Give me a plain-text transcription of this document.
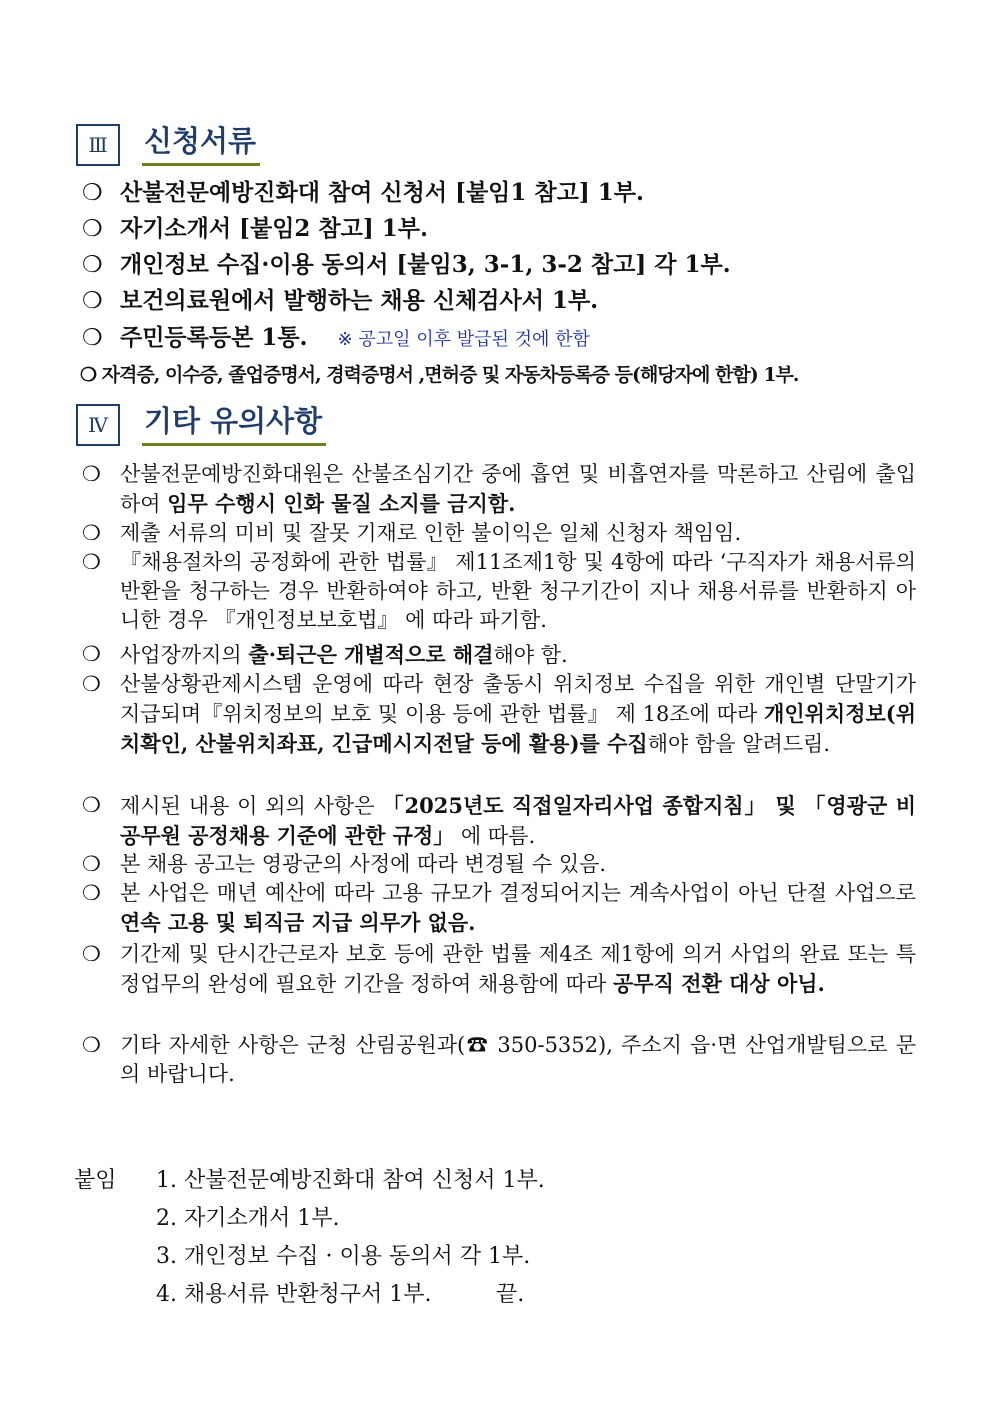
Ⅲ	신청서류
❍ 산불전문예방진화대 참여 신청서 [붙임1 참고] 1부.
❍ 자기소개서 [붙임2 참고] 1부.
❍ 개인정보 수집·이용 동의서 [붙임3, 3-1, 3-2 참고] 각 1부.
❍ 보건의료원에서 발행하는 채용 신체검사서 1부.
❍ 주민등록등본 1통. ※ 공고일 이후 발급된 것에 한함
❍ 자격증, 이수증, 졸업증명서, 경력증명서 ,면허증 및 자동차등록증 등(해당자에 한함) 1부.
Ⅳ	기타 유의사항
❍ 산불전문예방진화대원은 산불조심기간 중에 흡연 및 비흡연자를 막론하고 산림에 출입하여 임무 수행시 인화 물질 소지를 금지함.
❍ 제출 서류의 미비 및 잘못 기재로 인한 불이익은 일체 신청자 책임임.
❍ 『채용절차의 공정화에 관한 법률』 제11조제1항 및 4항에 따라 ‘구직자가 채용서류의 반환을 청구하는 경우 반환하여야 하고, 반환 청구기간이 지나 채용서류를 반환하지 아니한 경우 『개인정보보호법』 에 따라 파기함.
❍ 사업장까지의 출·퇴근은 개별적으로 해결해야 함.
❍ 산불상황관제시스템 운영에 따라 현장 출동시 위치정보 수집을 위한 개인별 단말기가 지급되며『위치정보의 보호 및 이용 등에 관한 법률』 제 18조에 따라 개인위치정보(위치확인, 산불위치좌표, 긴급메시지전달 등에 활용)를 수집해야 함을 알려드림.
❍ 제시된 내용 이 외의 사항은 「2025년도 직접일자리사업 종합지침」 및 「영광군 비공무원 공정채용 기준에 관한 규정」 에 따름.
❍ 본 채용 공고는 영광군의 사정에 따라 변경될 수 있음.
❍ 본 사업은 매년 예산에 따라 고용 규모가 결정되어지는 계속사업이 아닌 단절 사업으로 연속 고용 및 퇴직금 지급 의무가 없음.
❍ 기간제 및 단시간근로자 보호 등에 관한 법률 제4조 제1항에 의거 사업의 완료 또는 특정업무의 완성에 필요한 기간을 정하여 채용함에 따라 공무직 전환 대상 아님.
❍ 기타 자세한 사항은 군청 산림공원과(☎ 350-5352), 주소지 읍·면 산업개발팀으로 문의 바랍니다.
붙임 1. 산불전문예방진화대 참여 신청서 1부.
2. 자기소개서 1부.
3. 개인정보 수집 · 이용 동의서 각 1부.
4. 채용서류 반환청구서 1부.	끝.
